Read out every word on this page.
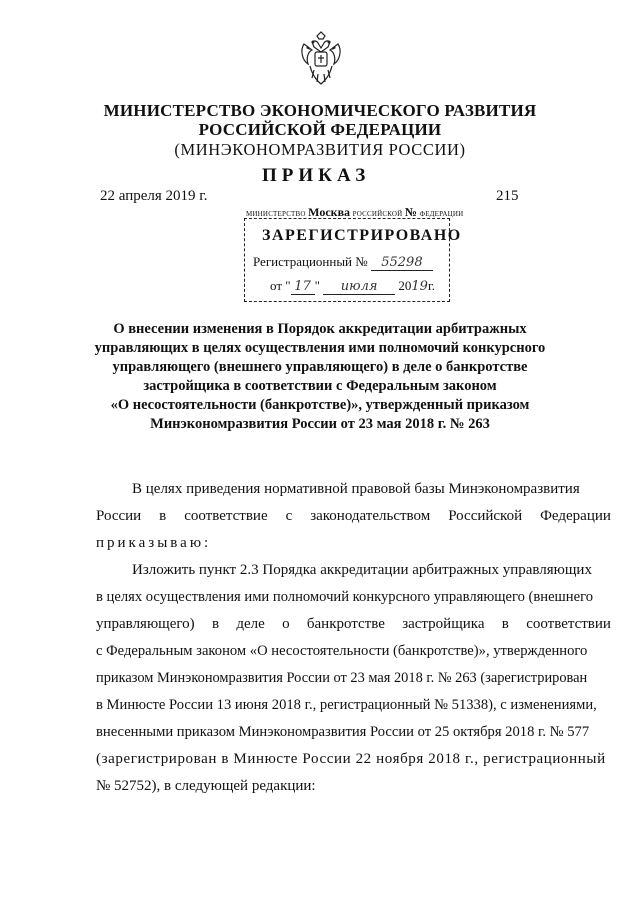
МИНИСТЕРСТВО ЭКОНОМИЧЕСКОГО РАЗВИТИЯ
РОССИЙСКОЙ ФЕДЕРАЦИИ
(МИНЭКОНОМРАЗВИТИЯ РОССИИ)
22 апреля 2019 г.	215
ПРИКАЗ
МИНИСТЕРСТВО Москва РОССИЙСКОЙ № ФЕДЕРАЦИИ
ЗАРЕГИСТРИРОВАНО
Регистрационный № 55298
от " 17 " июля 2019г.
О внесении изменения в Порядок аккредитации арбитражных
управляющих в целях осуществления ими полномочий конкурсного
управляющего (внешнего управляющего) в деле о банкротстве
застройщика в соответствии с Федеральным законом
«О несостоятельности (банкротстве)», утвержденный приказом
Минэкономразвития России от 23 мая 2018 г. № 263
В целях приведения нормативной правовой базы Минэкономразвития
России в соответствие с законодательством Российской Федерации
приказываю:
Изложить пункт 2.3 Порядка аккредитации арбитражных управляющих
в целях осуществления ими полномочий конкурсного управляющего (внешнего
управляющего) в деле о банкротстве застройщика в соответствии
с Федеральным законом «О несостоятельности (банкротстве)», утвержденного
приказом Минэкономразвития России от 23 мая 2018 г. № 263 (зарегистрирован
в Минюсте России 13 июня 2018 г., регистрационный № 51338), с изменениями,
внесенными приказом Минэкономразвития России от 25 октября 2018 г. № 577
(зарегистрирован в Минюсте России 22 ноября 2018 г., регистрационный
№ 52752), в следующей редакции:
